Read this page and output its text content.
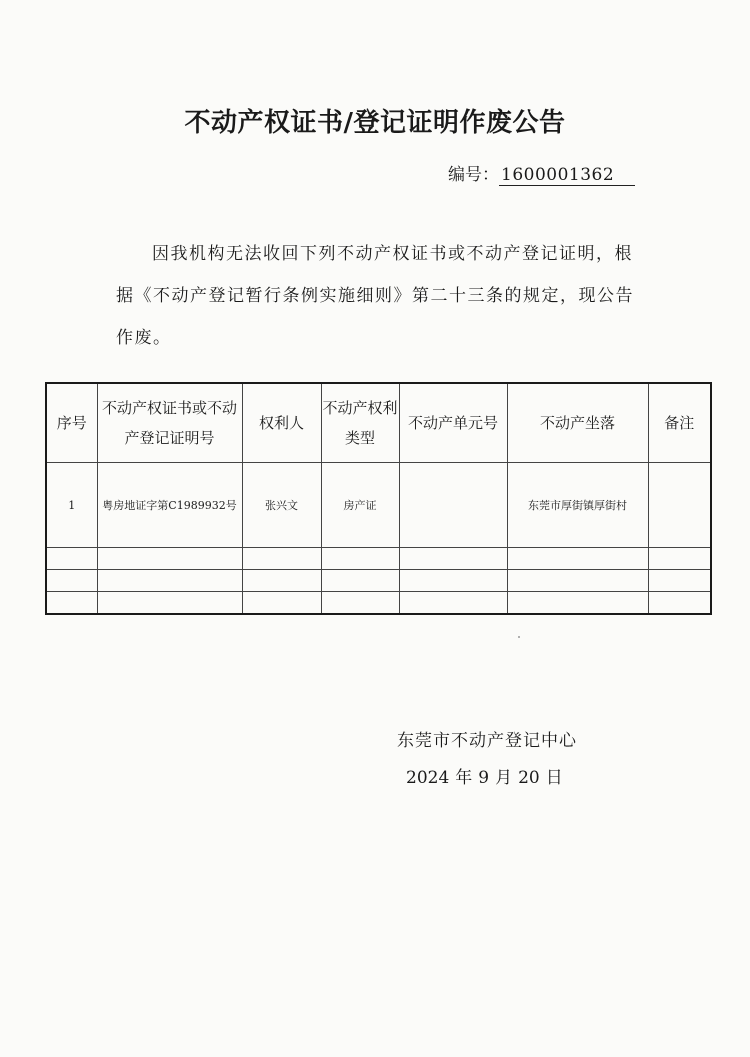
不动产权证书/登记证明作废公告
编号： 1600001362

因我机构无法收回下列不动产权证书或不动产登记证明，根据《不动产登记暂行条例实施细则》第二十三条的规定，现公告作废。

序号	不动产权证书或不动产登记证明号	权利人	不动产权利类型	不动产单元号	不动产坐落	备注
1	粤房地证字第C1989932号	张兴文	房产证		东莞市厚街镇厚街村	

东莞市不动产登记中心
2024 年 9 月 20 日
